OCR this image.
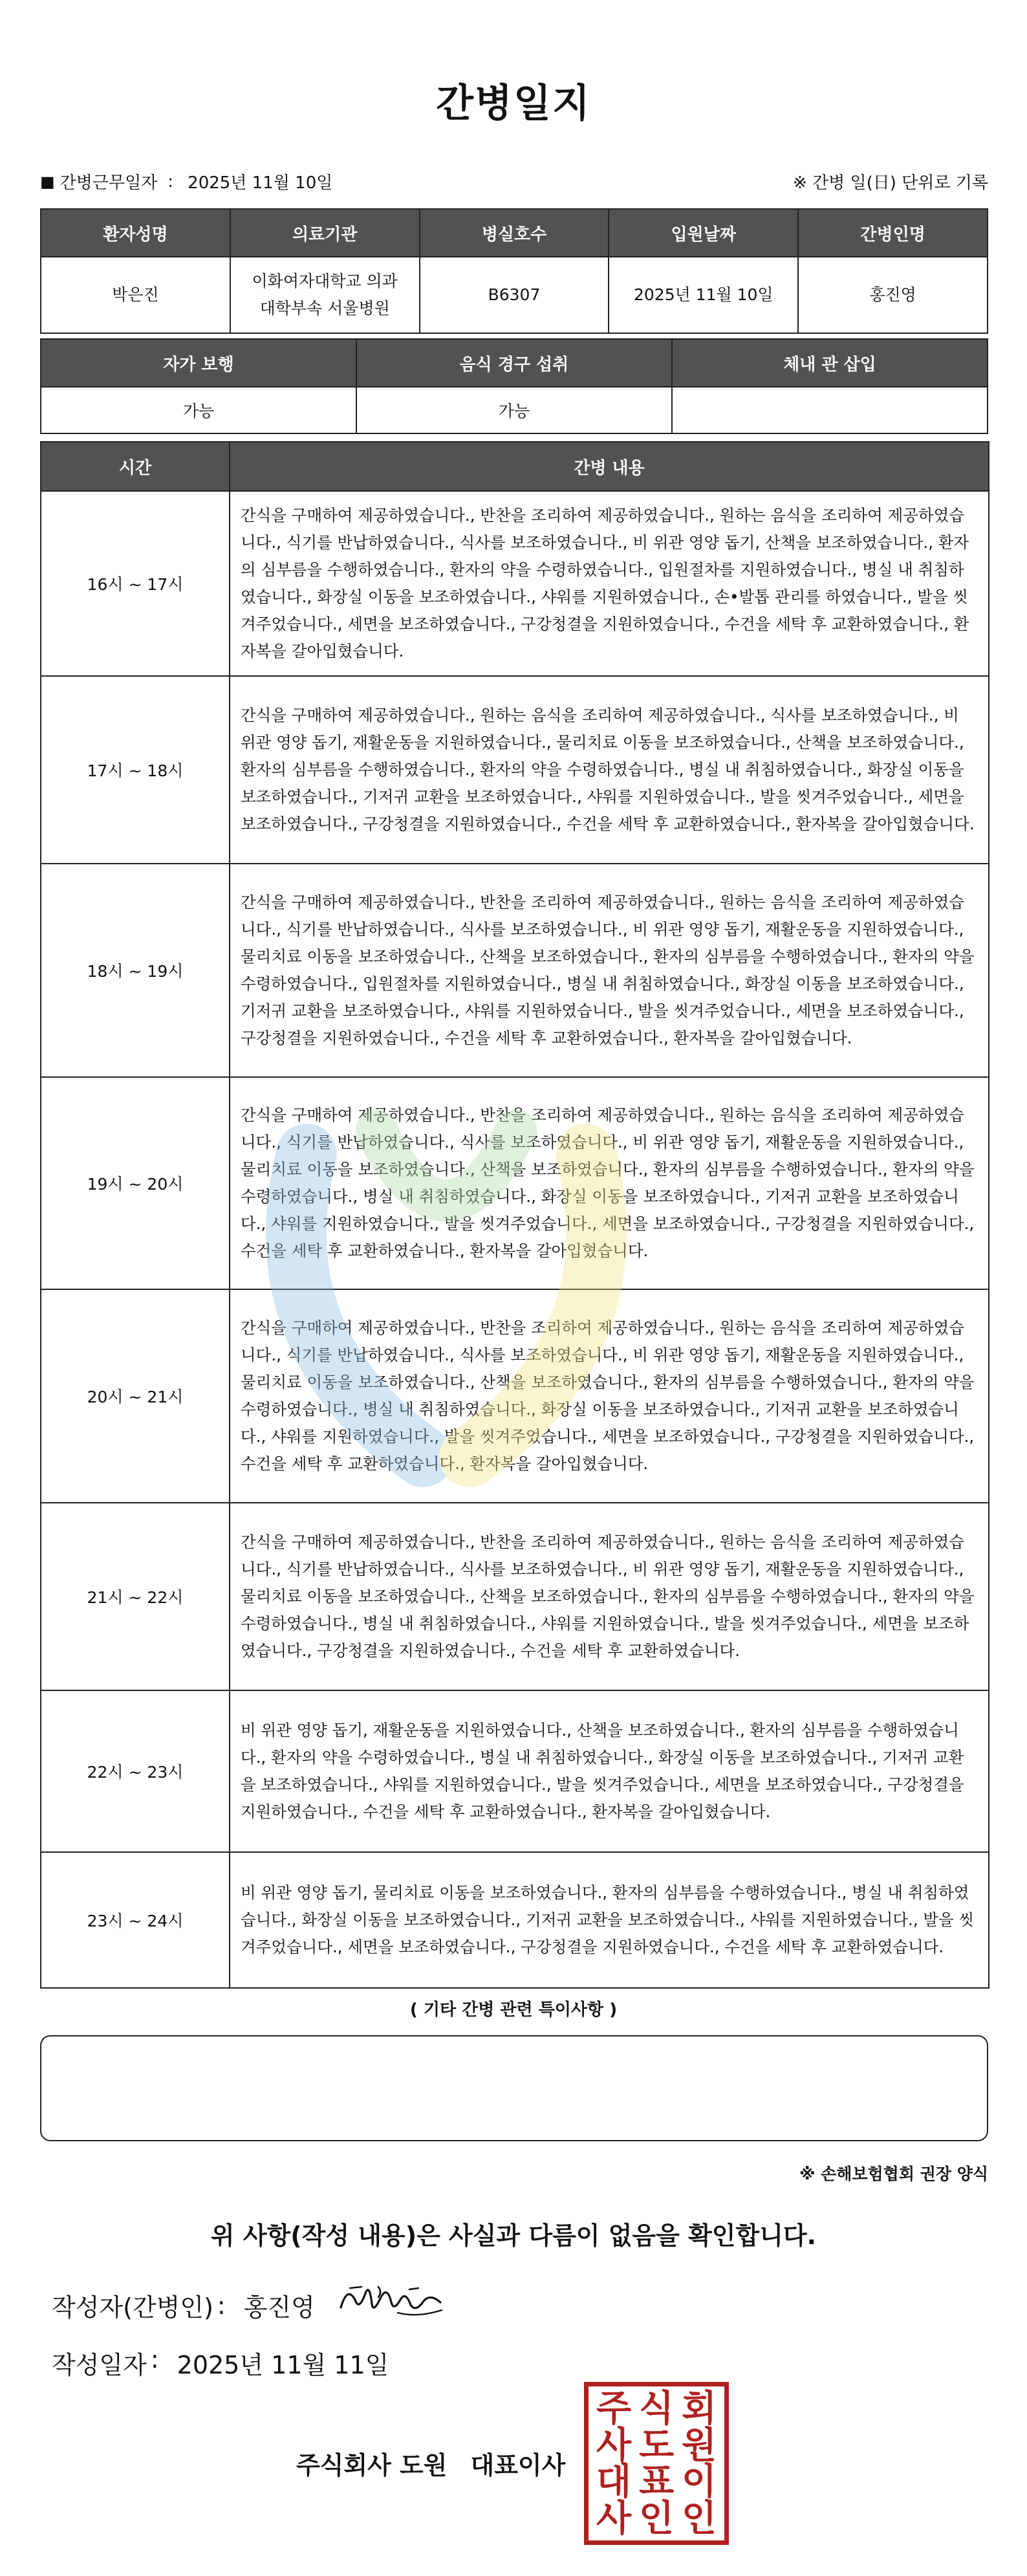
간병일지
■ 간병근무일자 : 2025년 11월 10일	※ 간병 일(日) 단위로 기록
환자성명	의료기관	병실호수	입원날짜	간병인명
박은진	이화여자대학교 의과
대학부속 서울병원	B6307	2025년 11월 10일	홍진영
자가 보행	음식 경구 섭취	체내 관 삽입
가능	가능	
시간	간병 내용
16시 ~ 17시	간식을 구매하여 제공하였습니다., 반찬을 조리하여 제공하였습니다., 원하는 음식을 조리하여 제공하였습니다., 식기를 반납하였습니다., 식사를 보조하였습니다., 비 위관 영양 돕기, 산책을 보조하였습니다., 환자의 심부름을 수행하였습니다., 환자의 약을 수령하였습니다., 입원절차를 지원하였습니다., 병실 내 취침하였습니다., 화장실 이동을 보조하였습니다., 샤워를 지원하였습니다., 손•발톱 관리를 하였습니다., 발을 씻겨주었습니다., 세면을 보조하였습니다., 구강청결을 지원하였습니다., 수건을 세탁 후 교환하였습니다., 환자복을 갈아입혔습니다.
17시 ~ 18시	간식을 구매하여 제공하였습니다., 원하는 음식을 조리하여 제공하였습니다., 식사를 보조하였습니다., 비 위관 영양 돕기, 재활운동을 지원하였습니다., 물리치료 이동을 보조하였습니다., 산책을 보조하였습니다., 환자의 심부름을 수행하였습니다., 환자의 약을 수령하였습니다., 병실 내 취침하였습니다., 화장실 이동을 보조하였습니다., 기저귀 교환을 보조하였습니다., 샤워를 지원하였습니다., 발을 씻겨주었습니다., 세면을 보조하였습니다., 구강청결을 지원하였습니다., 수건을 세탁 후 교환하였습니다., 환자복을 갈아입혔습니다.
18시 ~ 19시	간식을 구매하여 제공하였습니다., 반찬을 조리하여 제공하였습니다., 원하는 음식을 조리하여 제공하였습니다., 식기를 반납하였습니다., 식사를 보조하였습니다., 비 위관 영양 돕기, 재활운동을 지원하였습니다., 물리치료 이동을 보조하였습니다., 산책을 보조하였습니다., 환자의 심부름을 수행하였습니다., 환자의 약을 수령하였습니다., 입원절차를 지원하였습니다., 병실 내 취침하였습니다., 화장실 이동을 보조하였습니다., 기저귀 교환을 보조하였습니다., 샤워를 지원하였습니다., 발을 씻겨주었습니다., 세면을 보조하였습니다., 구강청결을 지원하였습니다., 수건을 세탁 후 교환하였습니다., 환자복을 갈아입혔습니다.
19시 ~ 20시	간식을 구매하여 제공하였습니다., 반찬을 조리하여 제공하였습니다., 원하는 음식을 조리하여 제공하였습니다., 식기를 반납하였습니다., 식사를 보조하였습니다., 비 위관 영양 돕기, 재활운동을 지원하였습니다., 물리치료 이동을 보조하였습니다., 산책을 보조하였습니다., 환자의 심부름을 수행하였습니다., 환자의 약을 수령하였습니다., 병실 내 취침하였습니다., 화장실 이동을 보조하였습니다., 기저귀 교환을 보조하였습니다., 샤워를 지원하였습니다., 발을 씻겨주었습니다., 세면을 보조하였습니다., 구강청결을 지원하였습니다., 수건을 세탁 후 교환하였습니다., 환자복을 갈아입혔습니다.
20시 ~ 21시	간식을 구매하여 제공하였습니다., 반찬을 조리하여 제공하였습니다., 원하는 음식을 조리하여 제공하였습니다., 식기를 반납하였습니다., 식사를 보조하였습니다., 비 위관 영양 돕기, 재활운동을 지원하였습니다., 물리치료 이동을 보조하였습니다., 산책을 보조하였습니다., 환자의 심부름을 수행하였습니다., 환자의 약을 수령하였습니다., 병실 내 취침하였습니다., 화장실 이동을 보조하였습니다., 기저귀 교환을 보조하였습니다., 샤워를 지원하였습니다., 발을 씻겨주었습니다., 세면을 보조하였습니다., 구강청결을 지원하였습니다., 수건을 세탁 후 교환하였습니다., 환자복을 갈아입혔습니다.
21시 ~ 22시	간식을 구매하여 제공하였습니다., 반찬을 조리하여 제공하였습니다., 원하는 음식을 조리하여 제공하였습니다., 식기를 반납하였습니다., 식사를 보조하였습니다., 비 위관 영양 돕기, 재활운동을 지원하였습니다., 물리치료 이동을 보조하였습니다., 산책을 보조하였습니다., 환자의 심부름을 수행하였습니다., 환자의 약을 수령하였습니다., 병실 내 취침하였습니다., 샤워를 지원하였습니다., 발을 씻겨주었습니다., 세면을 보조하였습니다., 구강청결을 지원하였습니다., 수건을 세탁 후 교환하였습니다.
22시 ~ 23시	비 위관 영양 돕기, 재활운동을 지원하였습니다., 산책을 보조하였습니다., 환자의 심부름을 수행하였습니다., 환자의 약을 수령하였습니다., 병실 내 취침하였습니다., 화장실 이동을 보조하였습니다., 기저귀 교환을 보조하였습니다., 샤워를 지원하였습니다., 발을 씻겨주었습니다., 세면을 보조하였습니다., 구강청결을 지원하였습니다., 수건을 세탁 후 교환하였습니다., 환자복을 갈아입혔습니다.
23시 ~ 24시	비 위관 영양 돕기, 물리치료 이동을 보조하였습니다., 환자의 심부름을 수행하였습니다., 병실 내 취침하였습니다., 화장실 이동을 보조하였습니다., 기저귀 교환을 보조하였습니다., 샤워를 지원하였습니다., 발을 씻겨주었습니다., 세면을 보조하였습니다., 구강청결을 지원하였습니다., 수건을 세탁 후 교환하였습니다.
( 기타 간병 관련 특이사항 )
※ 손해보험협회 권장 양식
위 사항(작성 내용)은 사실과 다름이 없음을 확인합니다.
작성자(간병인) : 홍진영
작성일자 : 2025년 11월 11일
주식회사 도원 대표이사
주 식 회
사 도 원
대 표 이
사 인 인
